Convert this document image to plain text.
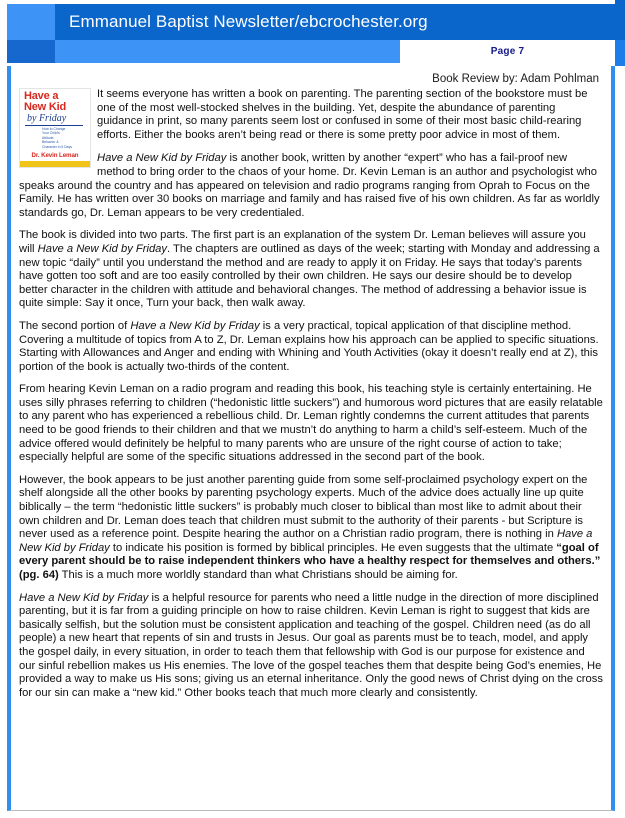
Emmanuel Baptist Newsletter/ebcrochester.org
Page 7
Book Review by: Adam Pohlman
Have a
New Kid
by Friday
How to Change
Your Child's
Attitude,
Behavior &
Character in 5 Days
Dr. Kevin Leman

It seems everyone has written a book on parenting. The parenting section of the bookstore must be one of the most well-stocked shelves in the building. Yet, despite the abundance of parenting guidance in print, so many parents seem lost or confused in some of their most basic child-rearing efforts. Either the books aren’t being read or there is some pretty poor advice in most of them.

Have a New Kid by Friday is another book, written by another “expert” who has a fail-proof new method to bring order to the chaos of your home. Dr. Kevin Leman is an author and psychologist who speaks around the country and has appeared on television and radio programs ranging from Oprah to Focus on the Family. He has written over 30 books on marriage and family and has raised five of his own children. As far as worldly standards go, Dr. Leman appears to be very credentialed.

The book is divided into two parts. The first part is an explanation of the system Dr. Leman believes will assure you will Have a New Kid by Friday. The chapters are outlined as days of the week; starting with Monday and addressing a new topic “daily” until you understand the method and are ready to apply it on Friday. He says that today’s parents have gotten too soft and are too easily controlled by their own children. He says our desire should be to develop better character in the children with attitude and behavioral changes. The method of addressing a behavior issue is quite simple: Say it once, Turn your back, then walk away.

The second portion of Have a New Kid by Friday is a very practical, topical application of that discipline method. Covering a multitude of topics from A to Z, Dr. Leman explains how his approach can be applied to specific situations. Starting with Allowances and Anger and ending with Whining and Youth Activities (okay it doesn’t really end at Z), this portion of the book is actually two-thirds of the content.

From hearing Kevin Leman on a radio program and reading this book, his teaching style is certainly entertaining. He uses silly phrases referring to children (“hedonistic little suckers”) and humorous word pictures that are easily relatable to any parent who has experienced a rebellious child. Dr. Leman rightly condemns the current attitudes that parents need to be good friends to their children and that we mustn’t do anything to harm a child’s self-esteem. Much of the advice offered would definitely be helpful to many parents who are unsure of the right course of action to take; especially helpful are some of the specific situations addressed in the second part of the book.

However, the book appears to be just another parenting guide from some self-proclaimed psychology expert on the shelf alongside all the other books by parenting psychology experts. Much of the advice does actually line up quite biblically – the term “hedonistic little suckers” is probably much closer to biblical than most like to admit about their own children and Dr. Leman does teach that children must submit to the authority of their parents - but Scripture is never used as a reference point. Despite hearing the author on a Christian radio program, there is nothing in Have a New Kid by Friday to indicate his position is formed by biblical principles. He even suggests that the ultimate “goal of every parent should be to raise independent thinkers who have a healthy respect for themselves and others.” (pg. 64) This is a much more worldly standard than what Christians should be aiming for.

Have a New Kid by Friday is a helpful resource for parents who need a little nudge in the direction of more disciplined parenting, but it is far from a guiding principle on how to raise children. Kevin Leman is right to suggest that kids are basically selfish, but the solution must be consistent application and teaching of the gospel. Children need (as do all people) a new heart that repents of sin and trusts in Jesus. Our goal as parents must be to teach, model, and apply the gospel daily, in every situation, in order to teach them that fellowship with God is our purpose for existence and our sinful rebellion makes us His enemies. The love of the gospel teaches them that despite being God’s enemies, He provided a way to make us His sons; giving us an eternal inheritance. Only the good news of Christ dying on the cross for our sin can make a “new kid.” Other books teach that much more clearly and consistently.
